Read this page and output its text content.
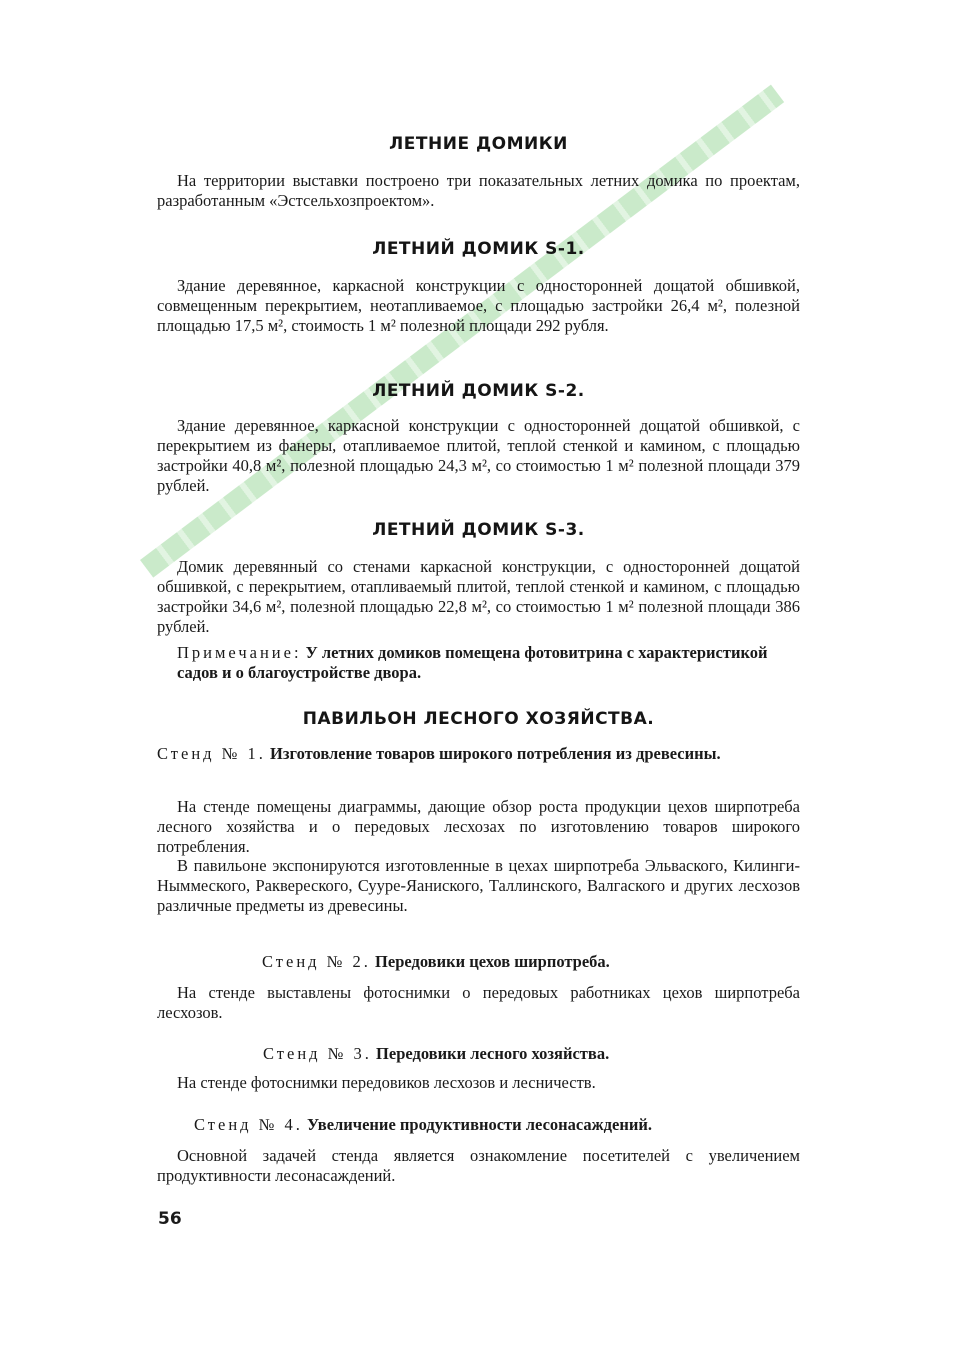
ЛЕТНИЕ ДОМИКИ

На территории выставки построено три показательных летних домика по проектам, разработанным «Эстсельхозпроектом».

ЛЕТНИЙ ДОМИК S-1.

Здание деревянное, каркасной конструкции с односторонней дощатой обшивкой, совмещенным перекрытием, неотапливаемое, с площадью застройки 26,4 м², полезной площадью 17,5 м², стоимость 1 м² полезной площади 292 рубля.

ЛЕТНИЙ ДОМИК S-2.

Здание деревянное, каркасной конструкции с односторонней дощатой обшивкой, с перекрытием из фанеры, отапливаемое плитой, теплой стенкой и камином, с площадью застройки 40,8 м², полезной площадью 24,3 м², со стоимостью 1 м² полезной площади 379 рублей.

ЛЕТНИЙ ДОМИК S-3.

Домик деревянный со стенами каркасной конструкции, с односторонней дощатой обшивкой, с перекрытием, отапливаемый плитой, теплой стенкой и камином, с площадью застройки 34,6 м², полезной площадью 22,8 м², со стоимостью 1 м² полезной площади 386 рублей.

Примечание: У летних домиков помещена фотовитрина с характеристикой садов и о благоустройстве двора.

ПАВИЛЬОН ЛЕСНОГО ХОЗЯЙСТВА.
Стенд № 1. Изготовление товаров широкого потребления из древесины.

На стенде помещены диаграммы, дающие обзор роста продукции цехов ширпотреба лесного хозяйства и о передовых лесхозах по изготовлению товаров широкого потребления.

В павильоне экспонируются изготовленные в цехах ширпотреба Эльваского, Килинги-Ныммеского, Раквереского, Сууре-Яаниского, Таллинского, Валгаского и других лесхозов различные предметы из древесины.

Стенд № 2. Передовики цехов ширпотреба.

На стенде выставлены фотоснимки о передовых работниках цехов ширпотреба лесхозов.

Стенд № 3. Передовики лесного хозяйства.

На стенде фотоснимки передовиков лесхозов и лесничеств.

Стенд № 4. Увеличение продуктивности лесонасаждений.

Основной задачей стенда является ознакомление посетителей с увеличением продуктивности лесонасаждений.

56
